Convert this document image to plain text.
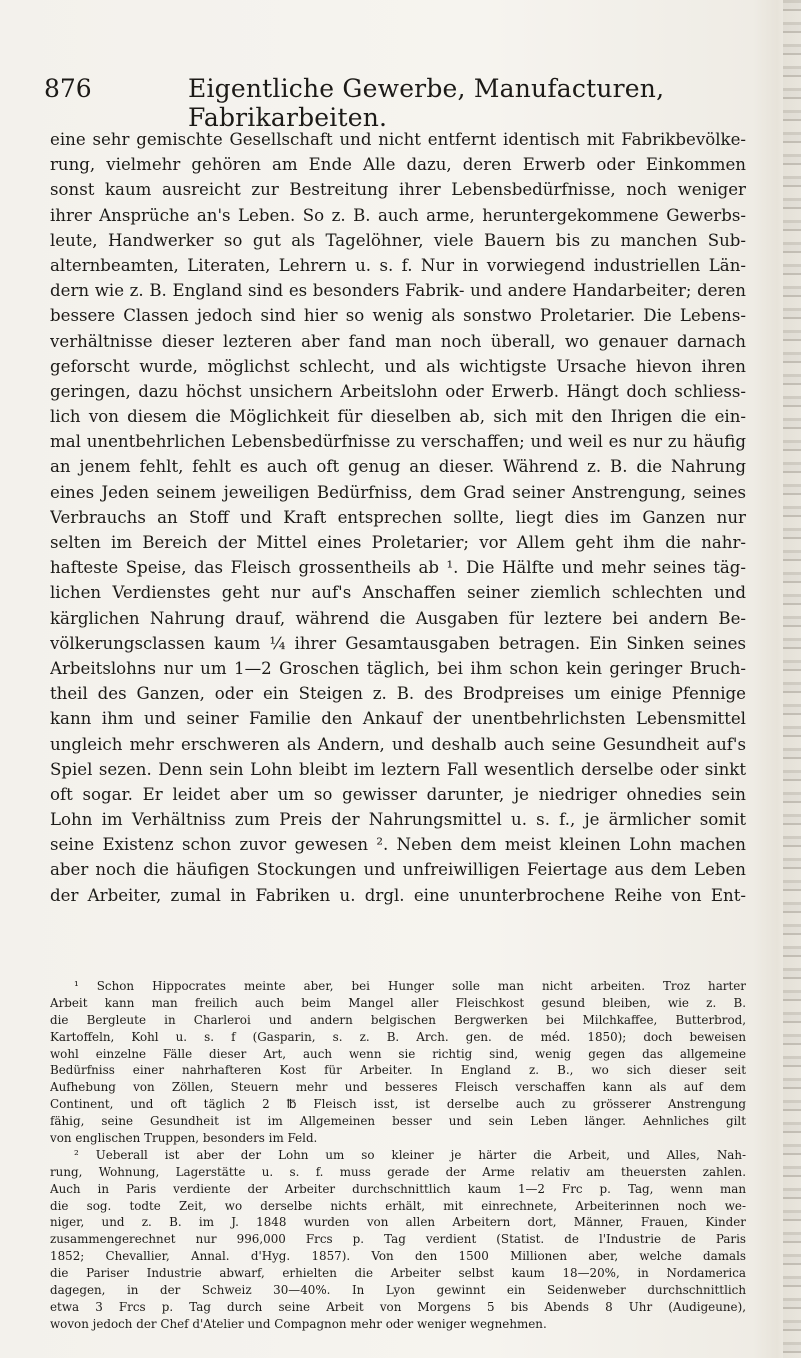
876	Eigentliche Gewerbe, Manufacturen, Fabrikarbeiten.
eine sehr gemischte Gesellschaft und nicht entfernt identisch mit Fabrikbevölke-
rung, vielmehr gehören am Ende Alle dazu, deren Erwerb oder Einkommen
sonst kaum ausreicht zur Bestreitung ihrer Lebensbedürfnisse, noch weniger
ihrer Ansprüche an's Leben. So z. B. auch arme, heruntergekommene Gewerbs-
leute, Handwerker so gut als Tagelöhner, viele Bauern bis zu manchen Sub-
alternbeamten, Literaten, Lehrern u. s. f. Nur in vorwiegend industriellen Län-
dern wie z. B. England sind es besonders Fabrik- und andere Handarbeiter; deren
bessere Classen jedoch sind hier so wenig als sonstwo Proletarier. Die Lebens-
verhältnisse dieser lezteren aber fand man noch überall, wo genauer darnach
geforscht wurde, möglichst schlecht, und als wichtigste Ursache hievon ihren
geringen, dazu höchst unsichern Arbeitslohn oder Erwerb. Hängt doch schliess-
lich von diesem die Möglichkeit für dieselben ab, sich mit den Ihrigen die ein-
mal unentbehrlichen Lebensbedürfnisse zu verschaffen; und weil es nur zu häufig
an jenem fehlt, fehlt es auch oft genug an dieser. Während z. B. die Nahrung
eines Jeden seinem jeweiligen Bedürfniss, dem Grad seiner Anstrengung, seines
Verbrauchs an Stoff und Kraft entsprechen sollte, liegt dies im Ganzen nur
selten im Bereich der Mittel eines Proletarier; vor Allem geht ihm die nahr-
hafteste Speise, das Fleisch grossentheils ab ¹. Die Hälfte und mehr seines täg-
lichen Verdienstes geht nur auf's Anschaffen seiner ziemlich schlechten und
kärglichen Nahrung drauf, während die Ausgaben für leztere bei andern Be-
völkerungsclassen kaum ¼ ihrer Gesamtausgaben betragen. Ein Sinken seines
Arbeitslohns nur um 1—2 Groschen täglich, bei ihm schon kein geringer Bruch-
theil des Ganzen, oder ein Steigen z. B. des Brodpreises um einige Pfennige
kann ihm und seiner Familie den Ankauf der unentbehrlichsten Lebensmittel
ungleich mehr erschweren als Andern, und deshalb auch seine Gesundheit auf's
Spiel sezen. Denn sein Lohn bleibt im leztern Fall wesentlich derselbe oder sinkt
oft sogar. Er leidet aber um so gewisser darunter, je niedriger ohnedies sein
Lohn im Verhältniss zum Preis der Nahrungsmittel u. s. f., je ärmlicher somit
seine Existenz schon zuvor gewesen ². Neben dem meist kleinen Lohn machen
aber noch die häufigen Stockungen und unfreiwilligen Feiertage aus dem Leben
der Arbeiter, zumal in Fabriken u. drgl. eine ununterbrochene Reihe von Ent-
¹ Schon Hippocrates meinte aber, bei Hunger solle man nicht arbeiten. Troz harter
Arbeit kann man freilich auch beim Mangel aller Fleischkost gesund bleiben, wie z. B.
die Bergleute in Charleroi und andern belgischen Bergwerken bei Milchkaffee, Butterbrod,
Kartoffeln, Kohl u. s. f (Gasparin, s. z. B. Arch. gen. de méd. 1850); doch beweisen
wohl einzelne Fälle dieser Art, auch wenn sie richtig sind, wenig gegen das allgemeine
Bedürfniss einer nahrhafteren Kost für Arbeiter. In England z. B., wo sich dieser seit
Aufhebung von Zöllen, Steuern mehr und besseres Fleisch verschaffen kann als auf dem
Continent, und oft täglich 2 ℔ Fleisch isst, ist derselbe auch zu grösserer Anstrengung
fähig, seine Gesundheit ist im Allgemeinen besser und sein Leben länger. Aehnliches gilt
von englischen Truppen, besonders im Feld.
² Ueberall ist aber der Lohn um so kleiner je härter die Arbeit, und Alles, Nah-
rung, Wohnung, Lagerstätte u. s. f. muss gerade der Arme relativ am theuersten zahlen.
Auch in Paris verdiente der Arbeiter durchschnittlich kaum 1—2 Frc p. Tag, wenn man
die sog. todte Zeit, wo derselbe nichts erhält, mit einrechnete, Arbeiterinnen noch we-
niger, und z. B. im J. 1848 wurden von allen Arbeitern dort, Männer, Frauen, Kinder
zusammengerechnet nur 996,000 Frcs p. Tag verdient (Statist. de l'Industrie de Paris
1852; Chevallier, Annal. d'Hyg. 1857). Von den 1500 Millionen aber, welche damals
die Pariser Industrie abwarf, erhielten die Arbeiter selbst kaum 18—20%, in Nordamerica
dagegen, in der Schweiz 30—40%. In Lyon gewinnt ein Seidenweber durchschnittlich
etwa 3 Frcs p. Tag durch seine Arbeit von Morgens 5 bis Abends 8 Uhr (Audigeune),
wovon jedoch der Chef d'Atelier und Compagnon mehr oder weniger wegnehmen.
